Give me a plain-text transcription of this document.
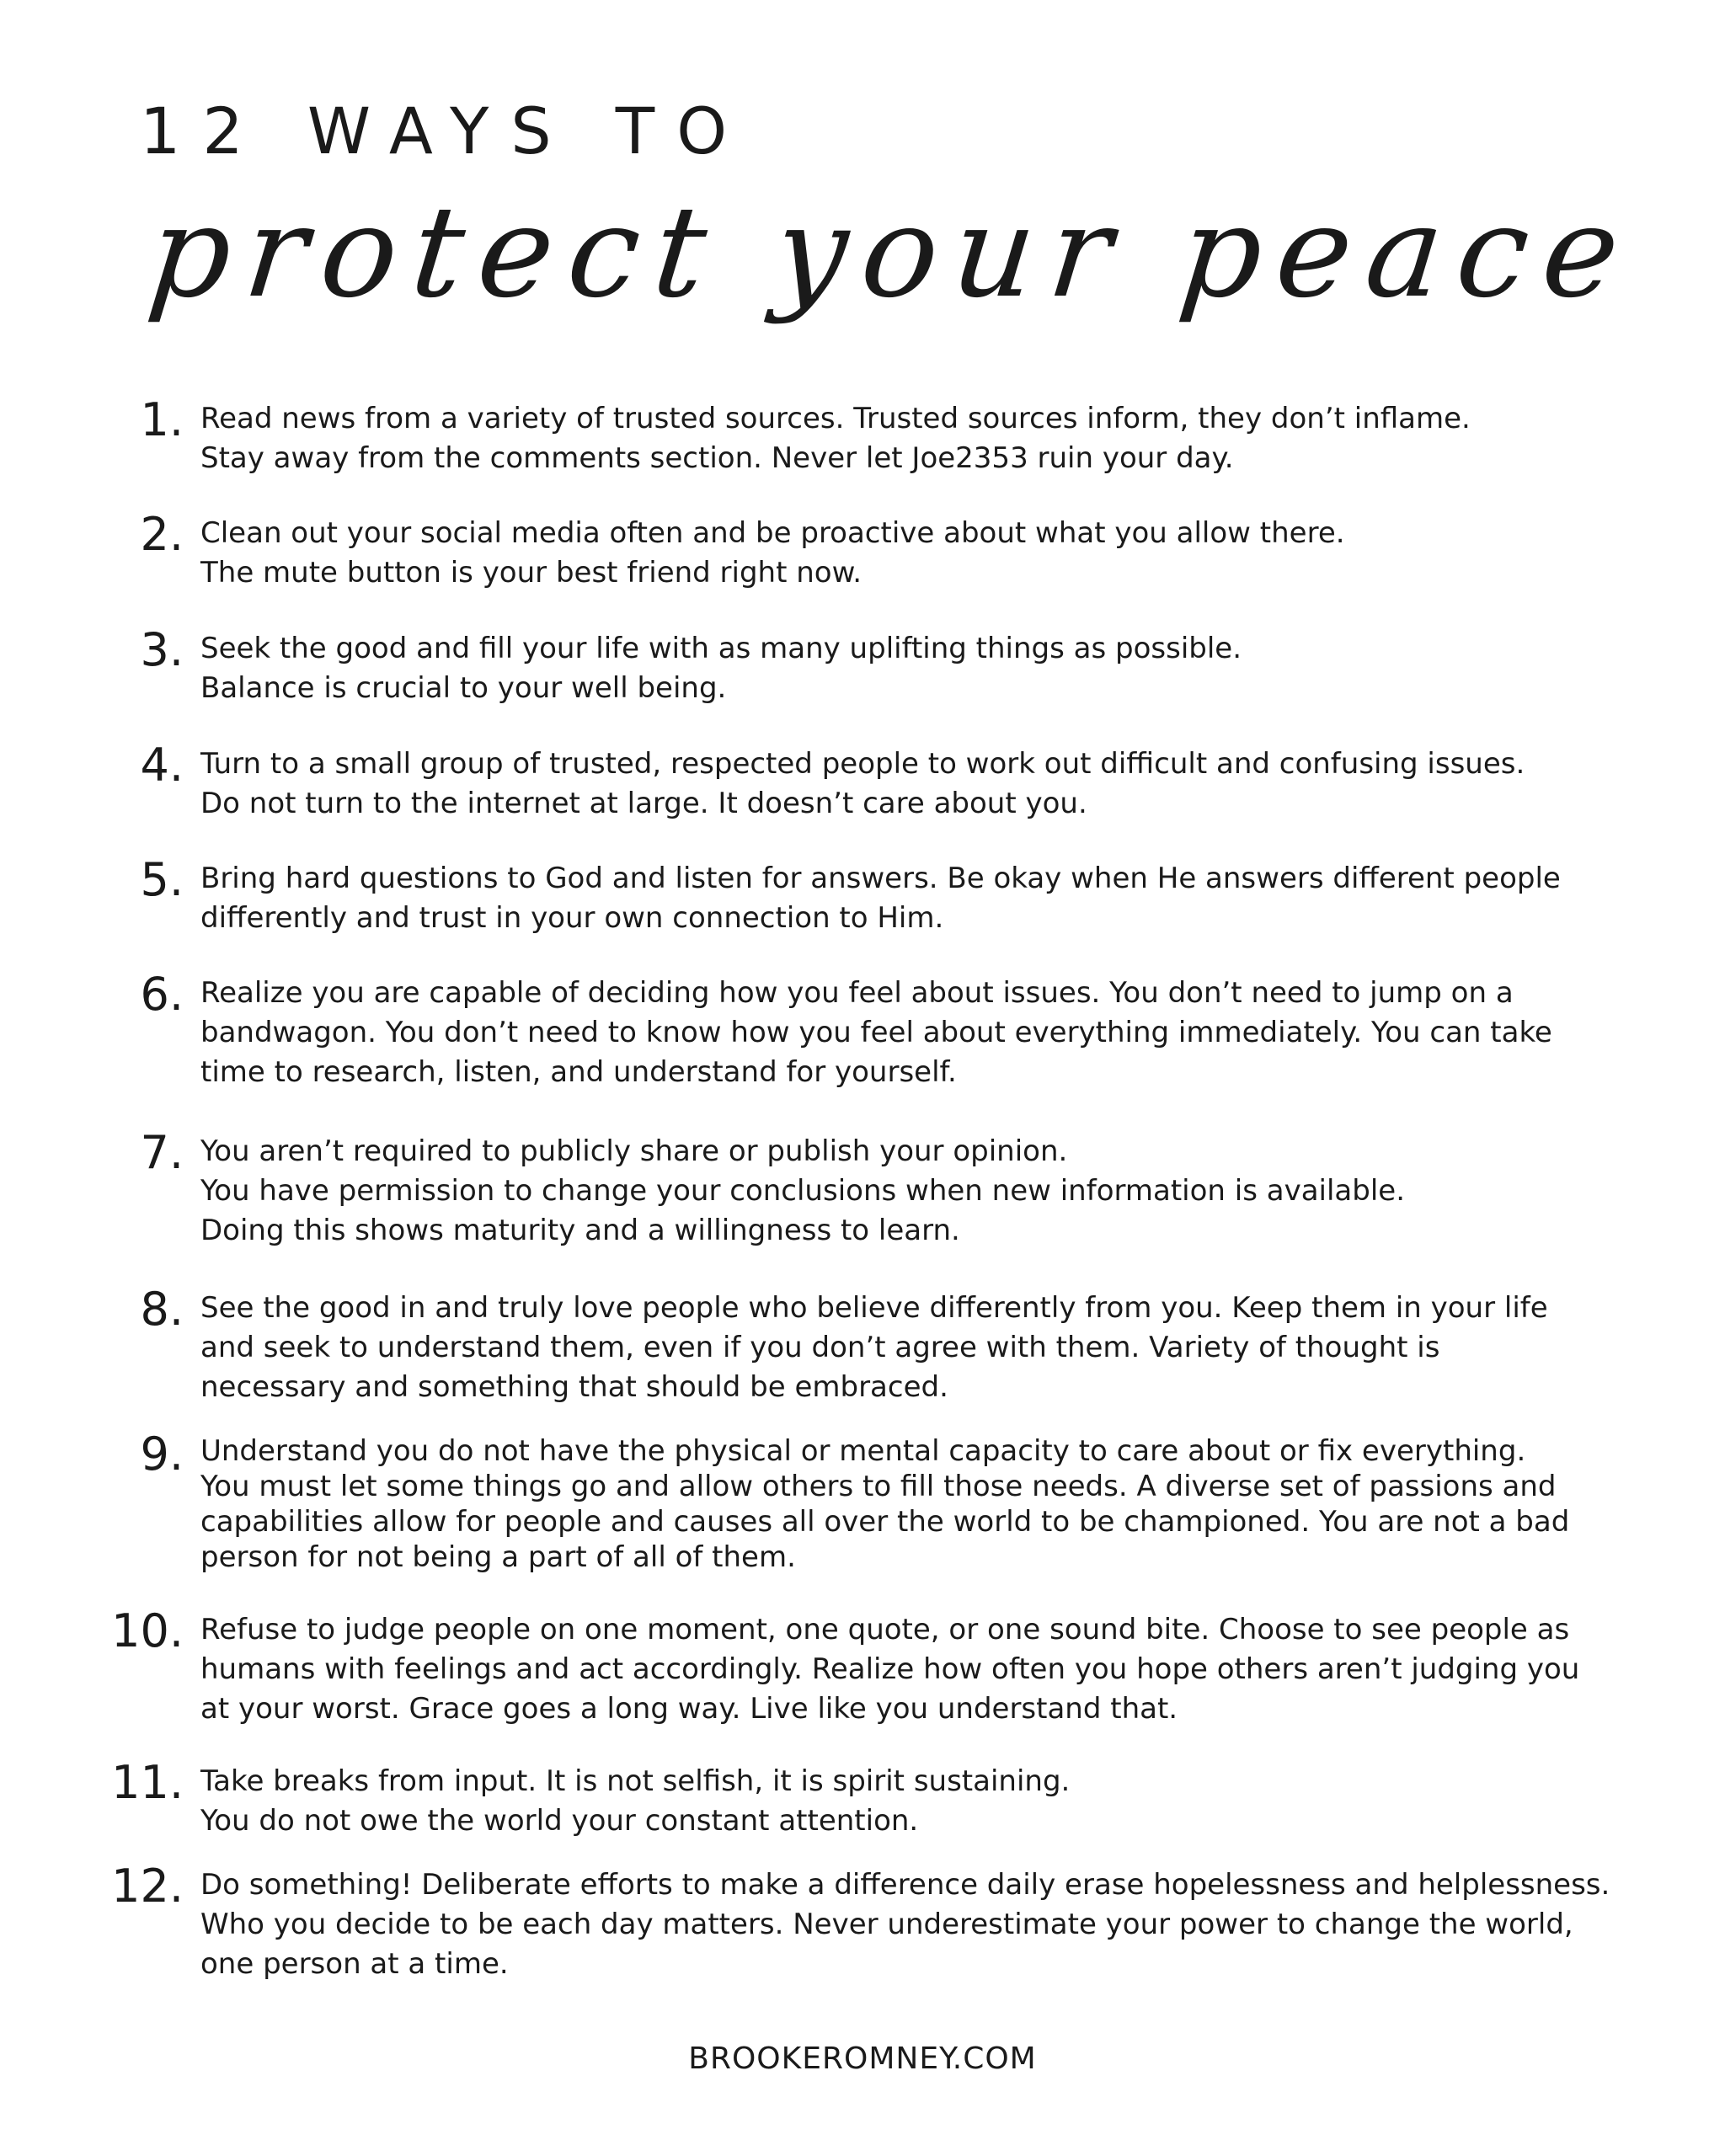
12 WAYS TO
protect your peace
1. Read news from a variety of trusted sources. Trusted sources inform, they don’t inflame.
Stay away from the comments section. Never let Joe2353 ruin your day.
2. Clean out your social media often and be proactive about what you allow there.
The mute button is your best friend right now.
3. Seek the good and fill your life with as many uplifting things as possible.
Balance is crucial to your well being.
4. Turn to a small group of trusted, respected people to work out difficult and confusing issues.
Do not turn to the internet at large. It doesn’t care about you.
5. Bring hard questions to God and listen for answers. Be okay when He answers different people
differently and trust in your own connection to Him.
6. Realize you are capable of deciding how you feel about issues. You don’t need to jump on a
bandwagon. You don’t need to know how you feel about everything immediately. You can take
time to research, listen, and understand for yourself.
7. You aren’t required to publicly share or publish your opinion.
You have permission to change your conclusions when new information is available.
Doing this shows maturity and a willingness to learn.
8. See the good in and truly love people who believe differently from you. Keep them in your life
and seek to understand them, even if you don’t agree with them. Variety of thought is
necessary and something that should be embraced.
9. Understand you do not have the physical or mental capacity to care about or fix everything.
You must let some things go and allow others to fill those needs. A diverse set of passions and
capabilities allow for people and causes all over the world to be championed. You are not a bad
person for not being a part of all of them.
10. Refuse to judge people on one moment, one quote, or one sound bite. Choose to see people as
humans with feelings and act accordingly. Realize how often you hope others aren’t judging you
at your worst. Grace goes a long way. Live like you understand that.
11. Take breaks from input. It is not selfish, it is spirit sustaining.
You do not owe the world your constant attention.
12. Do something! Deliberate efforts to make a difference daily erase hopelessness and helplessness.
Who you decide to be each day matters. Never underestimate your power to change the world,
one person at a time.
BROOKEROMNEY.COM
